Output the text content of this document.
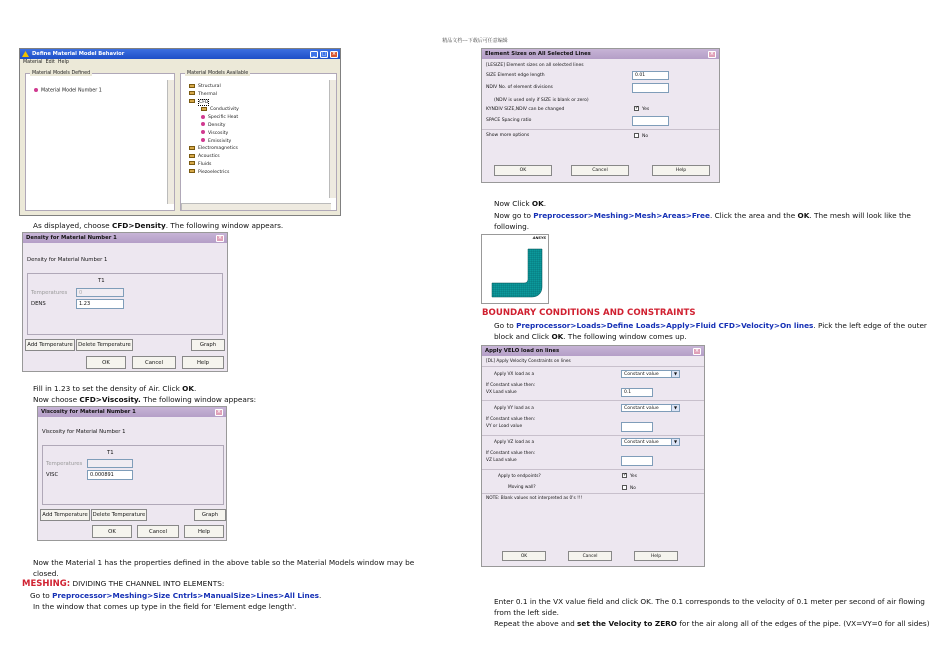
精品文档---下载后可任意编辑
Define Material Model Behavior	_	□	×
Material Edit Help
Material Models Defined
Material Model Number 1
Material Models Available
Structural
Thermal
CFD
Conductivity
Specific Heat
Density
Viscosity
Emissivity
Electromagnetics
Acoustics
Fluids
Piezoelectrics
As displayed, choose CFD>Density. The following window appears.
Density for Material Number 1	×
Density for Material Number 1
T1
Temperatures	0
DENS	1.23
Add Temperature	Delete Temperature	Graph
OK	Cancel	Help
Fill in 1.23 to set the density of Air. Click OK.
Now choose CFD>Viscosity. The following window appears:
Viscosity for Material Number 1	×
Viscosity for Material Number 1
T1
Temperatures
VISC	0.000891
Add Temperature Delete Temperature	Graph
OK	Cancel	Help
Now the Material 1 has the properties defined in the above table so the Material Models window may be closed.
MESHING: DIVIDING THE CHANNEL INTO ELEMENTS:
Go to Preprocessor>Meshing>Size Cntrls>ManualSize>Lines>All Lines.
In the window that comes up type in the field for 'Element edge length'.
Element Sizes on All Selected Lines	×
[LESIZE] Element sizes on all selected lines
SIZE Element edge length	0.01
NDIV No. of element divisions
(NDIV is used only if SIZE is blank or zero)
KYNDIV SIZE,NDIV can be changed ✓	Yes
SPACE Spacing ratio
Show more options	No
OK	Cancel	Help
Now Click OK.
Now go to Preprocessor>Meshing>Mesh>Areas>Free. Click the area and the OK. The mesh will look like the following.
ANSYS
BOUNDARY CONDITIONS AND CONSTRAINTS
Go to Preprocessor>Loads>Define Loads>Apply>Fluid CFD>Velocity>On lines. Pick the left edge of the outer block and Click OK. The following window comes up.
Apply VELO load on lines	×
[DL] Apply Velocity Constraints on lines
Apply VX load as a	Constant value	▼
If Constant value then:
VX Load value	0.1
Apply VY load as a	Constant value	▼
If Constant value then:
VY or Load value
Apply VZ load as a	Constant value	▼
If Constant value then:
VZ Load value
Apply to endpoints? ✓	Yes
Moving wall?	No
NOTE: Blank values not interpreted as 0's !!!
OK	Cancel	Help
Enter 0.1 in the VX value field and click OK. The 0.1 corresponds to the velocity of 0.1 meter per second of air flowing from the left side.
Repeat the above and set the Velocity to ZERO for the air along all of the edges of the pipe. (VX=VY=0 for all sides)
